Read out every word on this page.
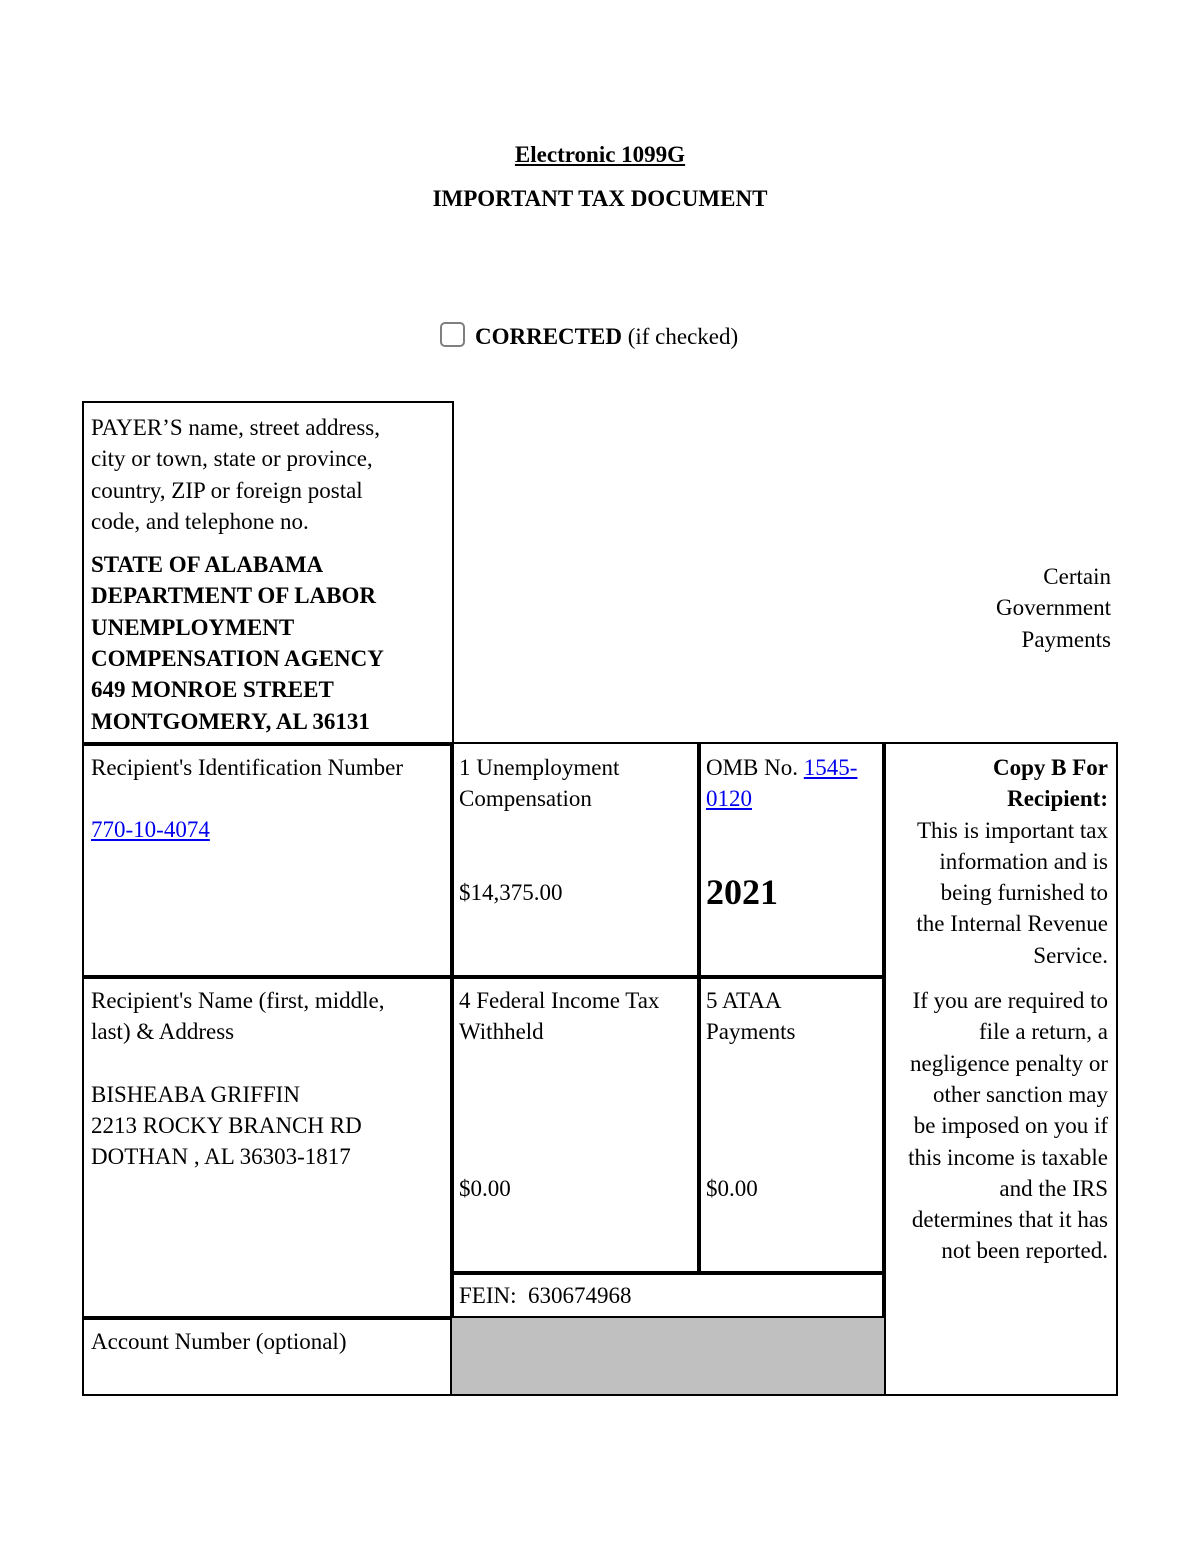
Electronic 1099G
IMPORTANT TAX DOCUMENT
CORRECTED (if checked)
PAYER’S name, street address,
city or town, state or province,
country, ZIP or foreign postal
code, and telephone no.
STATE OF ALABAMA
DEPARTMENT OF LABOR
UNEMPLOYMENT
COMPENSATION AGENCY
649 MONROE STREET
MONTGOMERY, AL 36131
Certain
Government
Payments
Recipient's Identification Number
770-10-4074
1 Unemployment
Compensation
$14,375.00
OMB No. 1545-
0120
2021
Copy B For
Recipient:
This is important tax
information and is
being furnished to
the Internal Revenue
Service.
If you are required to
file a return, a
negligence penalty or
other sanction may
be imposed on you if
this income is taxable
and the IRS
determines that it has
not been reported.
Recipient's Name (first, middle,
last) & Address
BISHEABA GRIFFIN
2213 ROCKY BRANCH RD
DOTHAN , AL 36303-1817
4 Federal Income Tax
Withheld
$0.00
5 ATAA
Payments
$0.00
FEIN: 630674968
Account Number (optional)
